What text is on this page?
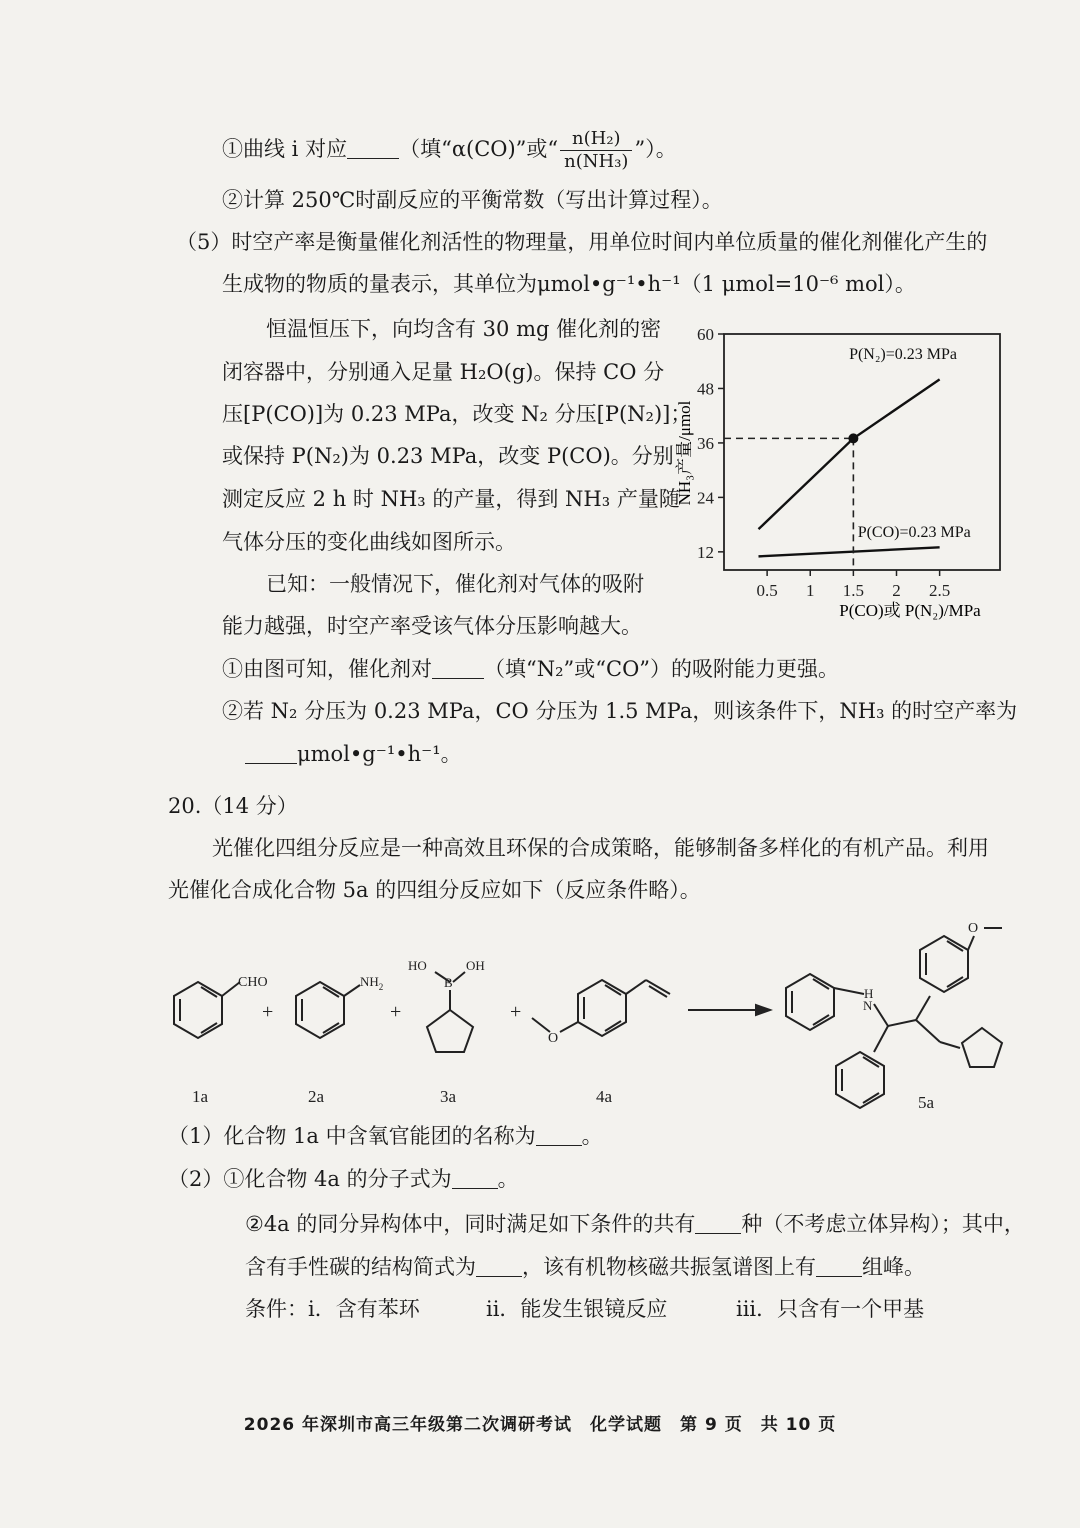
①曲线 i 对应 （填“α(CO)”或“ $\frac{\text{n(H₂)}}{\text{n(NH₃)}}$ ”）。
②计算 250℃时副反应的平衡常数（写出计算过程）。
（5）时空产率是衡量催化剂活性的物理量，用单位时间内单位质量的催化剂催化产生的
生成物的物质的量表示，其单位为μmol•g⁻¹•h⁻¹（1 μmol=10⁻⁶ mol）。
恒温恒压下，向均含有 30 mg 催化剂的密
闭容器中，分别通入足量 H₂O(g)。保持 CO 分
压[P(CO)]为 0.23 MPa，改变 N₂ 分压[P(N₂)]；
或保持 P(N₂)为 0.23 MPa，改变 P(CO)。分别
测定反应 2 h 时 NH₃ 的产量，得到 NH₃ 产量随
气体分压的变化曲线如图所示。
已知：一般情况下，催化剂对气体的吸附
能力越强，时空产率受该气体分压影响越大。
NH₃产量/μmol
P(CO)或 P(N₂)/MPa
12
24
36
48
60
0.5 1 1.5 2 2.5
P(N₂)=0.23 MPa
P(CO)=0.23 MPa
①由图可知，催化剂对 （填“N₂”或“CO”）的吸附能力更强。
②若 N₂ 分压为 0.23 MPa，CO 分压为 1.5 MPa，则该条件下，NH₃ 的时空产率为
μmol•g⁻¹•h⁻¹。
20.（14 分）
光催化四组分反应是一种高效且环保的合成策略，能够制备多样化的有机产品。利用
光催化合成化合物 5a 的四组分反应如下（反应条件略）。
CHO
+
$NH_2$
+
HO	OH
B
+
O
H
N
O
1a	2a	3a	4a	5a
（1）化合物 1a 中含氧官能团的名称为 。
（2）①化合物 4a 的分子式为 。
②4a 的同分异构体中，同时满足如下条件的共有 种（不考虑立体异构）；其中，
含有手性碳的结构简式为 ，该有机物核磁共振氢谱图上有 组峰。
条件：i．含有苯环	ii．能发生银镜反应	iii．只含有一个甲基
2026 年深圳市高三年级第二次调研考试　化学试题　第 9 页　共 10 页
